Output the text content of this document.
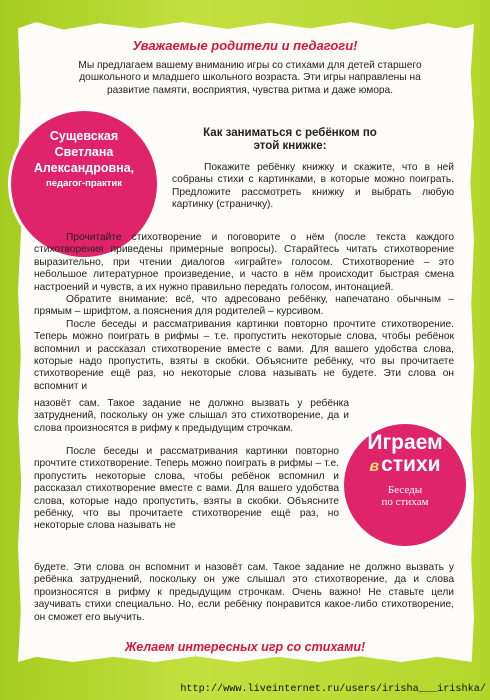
Уважаемые родители и педагоги!

Мы предлагаем вашему вниманию игры со стихами для детей старшего дошкольного и младшего школьного возраста. Эти игры направлены на развитие памяти, восприятия, чувства ритма и даже юмора.

Сущевская
Светлана
Александровна,
педагог-практик
Как заниматься с ребёнком по этой книжке:

Покажите ребёнку книжку и скажите, что в ней собраны стихи с картинками, в которые можно поиграть. Предложите рассмотреть книжку и выбрать любую картинку (страничку).

Прочитайте стихотворение и поговорите о нём (после текста каждого стихотворения приведены примерные вопросы). Старайтесь читать стихотворение выразительно, при чтении диалогов «играйте» голосом. Стихотворение – это небольшое литературное произведение, и часто в нём происходит быстрая смена настроений и чувств, а их нужно правильно передать голосом, интонацией.

Обратите внимание: всё, что адресовано ребёнку, напечатано обычным – прямым – шрифтом, а пояснения для родителей – курсивом.

После беседы и рассматривания картинки повторно прочтите стихотворение. Теперь можно поиграть в рифмы – т.е. пропустить некоторые слова, чтобы ребёнок вспомнил и рассказал стихотворение вместе с вами. Для вашего удобства слова, которые надо пропустить, взяты в скобки. Объясните ребёнку, что вы прочитаете стихотворение ещё раз, но некоторые слова называть не будете. Эти слова он вспомнит и

назовёт сам. Такое задание не должно вызвать у ребёнка затруднений, поскольку он уже слышал это стихотворение, да и слова произносятся в рифму к предыдущим строчкам.

После беседы и рассматривания картинки повторно прочтите стихотворение. Теперь можно поиграть в рифмы – т.е. пропустить некоторые слова, чтобы ребёнок вспомнил и рассказал стихотворение вместе с вами. Для вашего удобства слова, которые надо пропустить, взяты в скобки. Объясните ребёнку, что вы прочитаете стихотворение ещё раз, но некоторые слова называть не

будете. Эти слова он вспомнит и назовёт сам. Такое задание не должно вызвать у ребёнка затруднений, поскольку он уже слышал это стихотворение, да и слова произносятся в рифму к предыдущим строчкам. Очень важно! Не ставьте цели заучивать стихи специально. Но, если ребёнку понравится какое-либо стихотворение, он сможет его выучить.

Играем
встихи
Беседы
по стихам
Желаем интересных игр со стихами!
http://www.liveinternet.ru/users/irisha___irishka/
